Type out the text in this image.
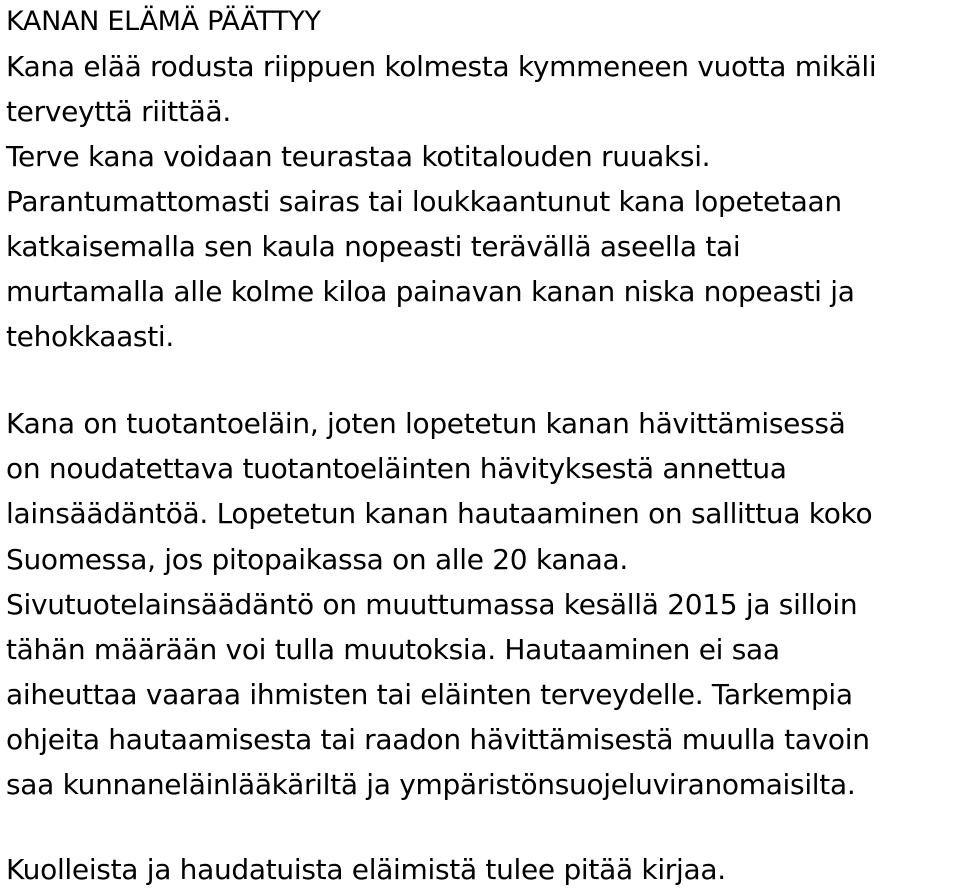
KANAN ELÄMÄ PÄÄTTYY
Kana elää rodusta riippuen kolmesta kymmeneen vuotta mikäli
terveyttä riittää.
Terve kana voidaan teurastaa kotitalouden ruuaksi.
Parantumattomasti sairas tai loukkaantunut kana lopetetaan
katkaisemalla sen kaula nopeasti terävällä aseella tai
murtamalla alle kolme kiloa painavan kanan niska nopeasti ja
tehokkaasti.
Kana on tuotantoeläin, joten lopetetun kanan hävittämisessä
on noudatettava tuotantoeläinten hävityksestä annettua
lainsäädäntöä. Lopetetun kanan hautaaminen on sallittua koko
Suomessa, jos pitopaikassa on alle 20 kanaa.
Sivutuotelainsäädäntö on muuttumassa kesällä 2015 ja silloin
tähän määrään voi tulla muutoksia. Hautaaminen ei saa
aiheuttaa vaaraa ihmisten tai eläinten terveydelle. Tarkempia
ohjeita hautaamisesta tai raadon hävittämisestä muulla tavoin
saa kunnaneläinlääkäriltä ja ympäristönsuojeluviranomaisilta.
Kuolleista ja haudatuista eläimistä tulee pitää kirjaa.
